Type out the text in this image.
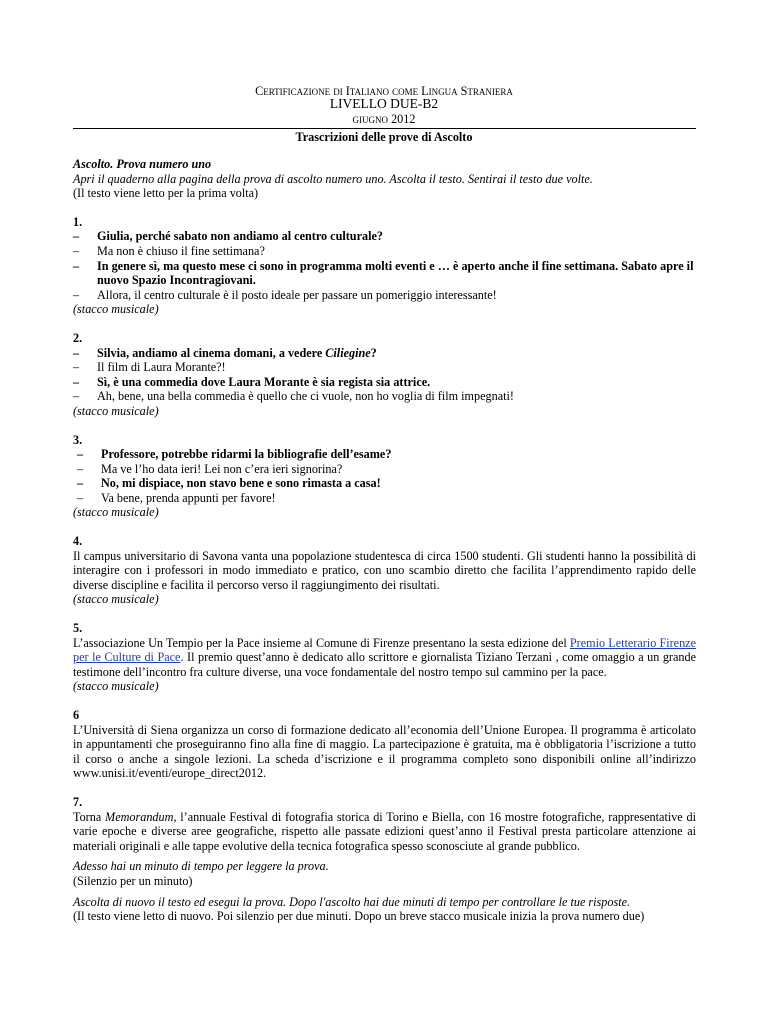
Certificazione di Italiano come Lingua Straniera
LIVELLO DUE-B2
giugno 2012
Trascrizioni delle prove di Ascolto
Ascolto. Prova numero uno
Apri il quaderno alla pagina della prova di ascolto numero uno. Ascolta il testo. Sentirai il testo due volte.
(Il testo viene letto per la prima volta)
1.
– Giulia, perché sabato non andiamo al centro culturale?
– Ma non è chiuso il fine settimana?
– In genere sì, ma questo mese ci sono in programma molti eventi e … è aperto anche il fine settimana. Sabato apre il nuovo Spazio Incontragiovani.
– Allora, il centro culturale è il posto ideale per passare un pomeriggio interessante!
(stacco musicale)
2.
– Silvia, andiamo al cinema domani, a vedere Ciliegine?
– Il film di Laura Morante?!
– Sì, è una commedia dove Laura Morante è sia regista sia attrice.
– Ah, bene, una bella commedia è quello che ci vuole, non ho voglia di film impegnati!
(stacco musicale)
3.
– Professore, potrebbe ridarmi la bibliografie dell’esame?
– Ma ve l’ho data ieri! Lei non c’era ieri signorina?
– No, mi dispiace, non stavo bene e sono rimasta a casa!
– Va bene, prenda appunti per favore!
(stacco musicale)
4.
Il campus universitario di Savona vanta una popolazione studentesca di circa 1500 studenti. Gli studenti hanno la possibilità di interagire con i professori in modo immediato e pratico, con uno scambio diretto che facilita l’apprendimento rapido delle diverse discipline e facilita il percorso verso il raggiungimento dei risultati.
(stacco musicale)
5.
L’associazione Un Tempio per la Pace insieme al Comune di Firenze presentano la sesta edizione del Premio Letterario Firenze per le Culture di Pace. Il premio quest’anno è dedicato allo scrittore e giornalista Tiziano Terzani , come omaggio a un grande testimone dell’incontro fra culture diverse, una voce fondamentale del nostro tempo sul cammino per la pace.
(stacco musicale)
6
L’Università di Siena organizza un corso di formazione dedicato all’economia dell’Unione Europea. Il programma è articolato in appuntamenti che proseguiranno fino alla fine di maggio. La partecipazione è gratuita, ma è obbligatoria l’iscrizione a tutto il corso o anche a singole lezioni. La scheda d’iscrizione e il programma completo sono disponibili online all’indirizzo www.unisi.it/eventi/europe_direct2012.
7.
Torna Memorandum, l’annuale Festival di fotografia storica di Torino e Biella, con 16 mostre fotografiche, rappresentative di varie epoche e diverse aree geografiche, rispetto alle passate edizioni quest’anno il Festival presta particolare attenzione ai materiali originali e alle tappe evolutive della tecnica fotografica spesso sconosciute al grande pubblico.
Adesso hai un minuto di tempo per leggere la prova.
(Silenzio per un minuto)
Ascolta di nuovo il testo ed esegui la prova. Dopo l'ascolto hai due minuti di tempo per controllare le tue risposte.
(Il testo viene letto di nuovo. Poi silenzio per due minuti. Dopo un breve stacco musicale inizia la prova numero due)
